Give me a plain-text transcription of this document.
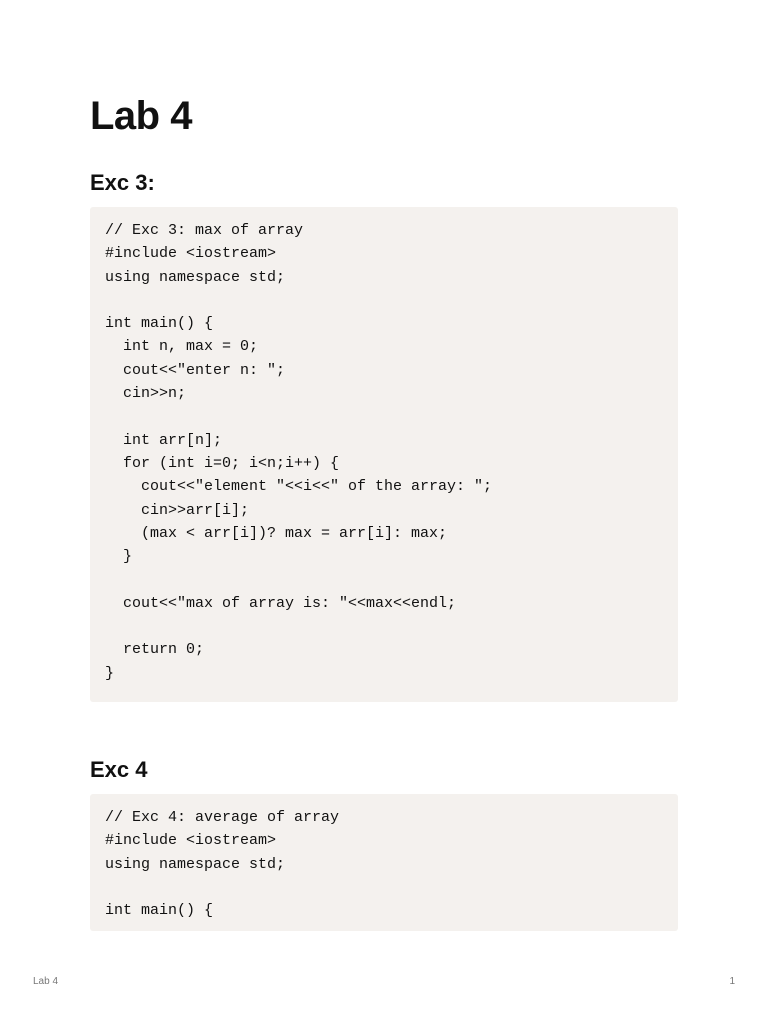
Lab 4
Exc 3:
// Exc 3: max of array
#include <iostream>
using namespace std;

int main() {
int n, max = 0;
cout<<"enter n: ";
cin>>n;

int arr[n];
for (int i=0; i<n;i++) {
cout<<"element "<<i<<" of the array: ";
cin>>arr[i];
(max < arr[i])? max = arr[i]: max;
}

cout<<"max of array is: "<<max<<endl;

return 0;
}
Exc 4
// Exc 4: average of array
#include <iostream>
using namespace std;

int main() {
Lab 4	1
